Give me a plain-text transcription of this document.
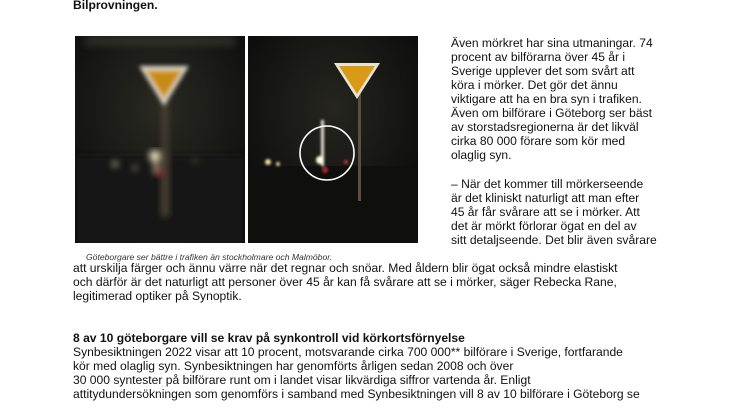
Bilprovningen.
Göteborgare ser bättre i trafiken än stockholmare och Malmöbor.
Även mörkret har sina utmaningar. 74
procent av bilförarna över 45 år i
Sverige upplever det som svårt att
köra i mörker. Det gör det ännu
viktigare att ha en bra syn i trafiken.
Även om bilförare i Göteborg ser bäst
av storstadsregionerna är det likväl
cirka 80 000 förare som kör med
olaglig syn.
– När det kommer till mörkerseende
är det kliniskt naturligt att man efter
45 år får svårare att se i mörker. Att
det är mörkt förlorar ögat en del av
sitt detaljseende. Det blir även svårare
att urskilja färger och ännu värre när det regnar och snöar. Med åldern blir ögat också mindre elastiskt
och därför är det naturligt att personer över 45 år kan få svårare att se i mörker, säger Rebecka Rane,
legitimerad optiker på Synoptik.
8 av 10 göteborgare vill se krav på synkontroll vid körkortsförnyelse
Synbesiktningen 2022 visar att 10 procent, motsvarande cirka 700 000** bilförare i Sverige, fortfarande
kör med olaglig syn. Synbesiktningen har genomförts årligen sedan 2008 och över
30 000 syntester på bilförare runt om i landet visar likvärdiga siffror vartenda år. Enligt
attitydundersökningen som genomförs i samband med Synbesiktningen vill 8 av 10 bilförare i Göteborg se
